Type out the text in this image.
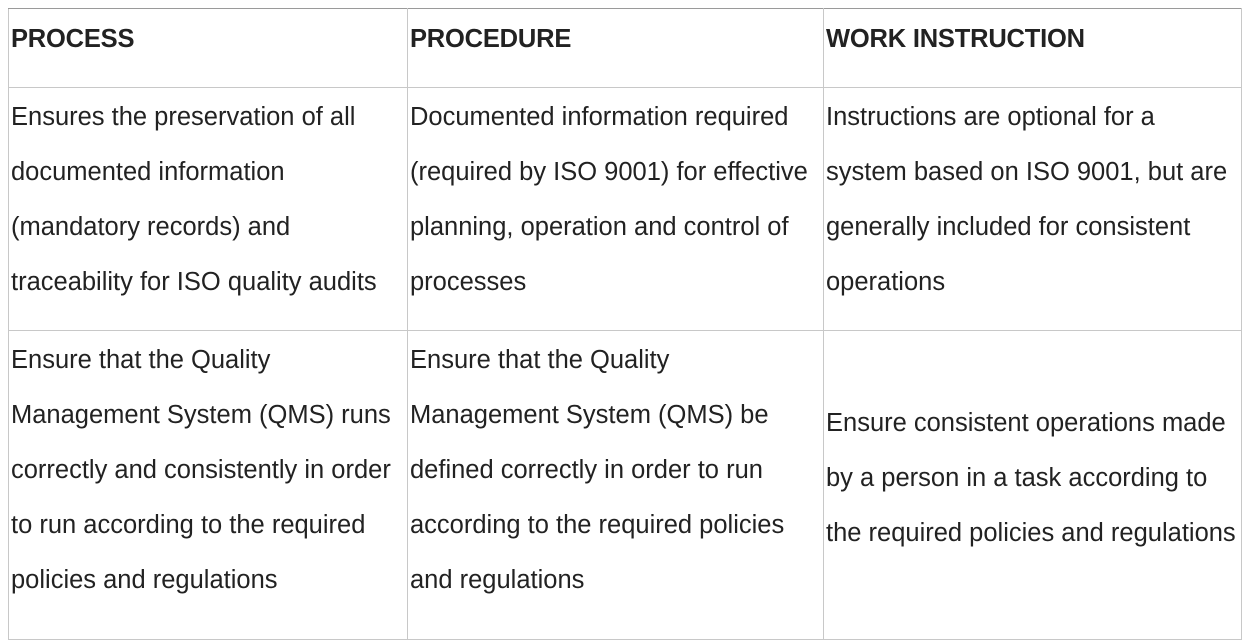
PROCESS	PROCEDURE	WORK INSTRUCTION
Ensures the preservation of all documented information (mandatory records) and traceability for ISO quality audits	Documented information required (required by ISO 9001) for effective planning, operation and control of processes	Instructions are optional for a system based on ISO 9001, but are generally included for consistent operations
Ensure that the Quality Management System (QMS) runs correctly and consistently in order to run according to the required policies and regulations	Ensure that the Quality Management System (QMS) be defined correctly in order to run according to the required policies and regulations	Ensure consistent operations made by a person in a task according to the required policies and regulations
